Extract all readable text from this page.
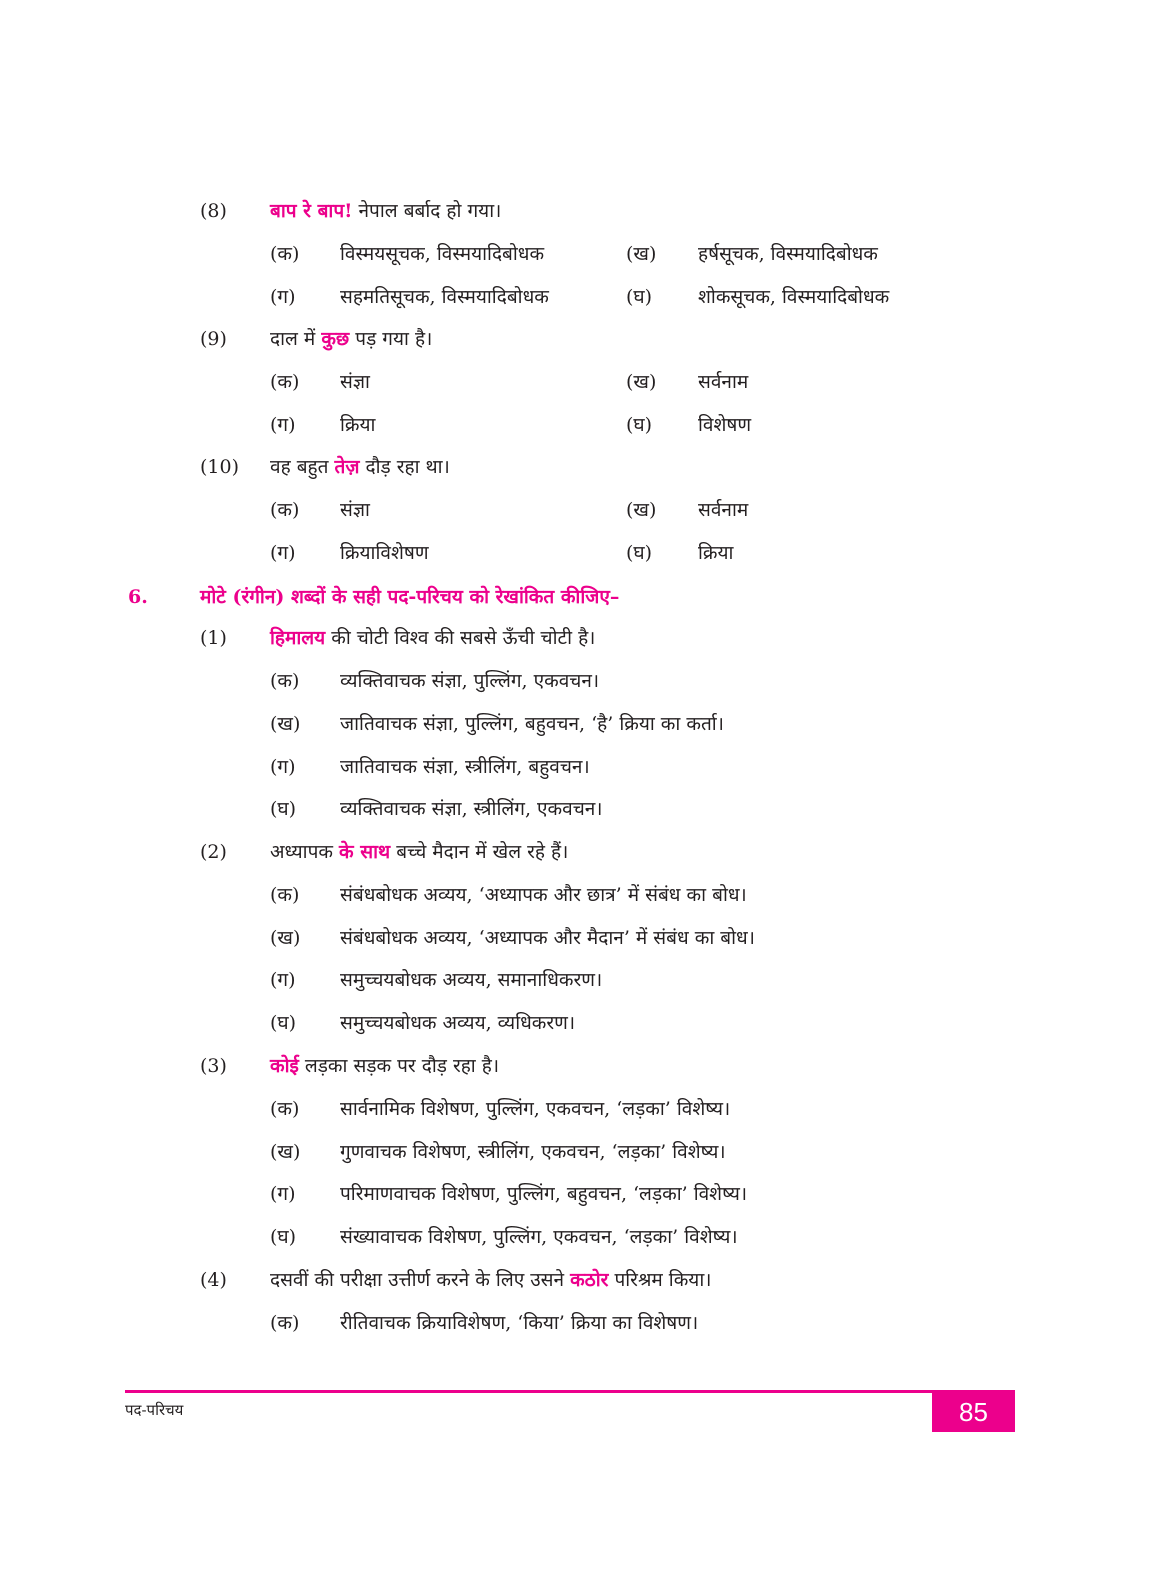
(8) बाप रे बाप! नेपाल बर्बाद हो गया।
(क) विस्मयसूचक, विस्मयादिबोधक	(ख) हर्षसूचक, विस्मयादिबोधक
(ग) सहमतिसूचक, विस्मयादिबोधक	(घ) शोकसूचक, विस्मयादिबोधक
(9) दाल में कुछ पड़ गया है।
(क) संज्ञा	(ख) सर्वनाम
(ग) क्रिया	(घ) विशेषण
(10) वह बहुत तेज़ दौड़ रहा था।
(क) संज्ञा	(ख) सर्वनाम
(ग) क्रियाविशेषण	(घ) क्रिया
6.	मोटे (रंगीन) शब्दों के सही पद-परिचय को रेखांकित कीजिए–
(1) हिमालय की चोटी विश्व की सबसे ऊँची चोटी है।
(क) व्यक्तिवाचक संज्ञा, पुल्लिंग, एकवचन।
(ख) जातिवाचक संज्ञा, पुल्लिंग, बहुवचन, ‘है’ क्रिया का कर्ता।
(ग) जातिवाचक संज्ञा, स्त्रीलिंग, बहुवचन।
(घ) व्यक्तिवाचक संज्ञा, स्त्रीलिंग, एकवचन।
(2) अध्यापक के साथ बच्चे मैदान में खेल रहे हैं।
(क) संबंधबोधक अव्यय, ‘अध्यापक और छात्र’ में संबंध का बोध।
(ख) संबंधबोधक अव्यय, ‘अध्यापक और मैदान’ में संबंध का बोध।
(ग) समुच्चयबोधक अव्यय, समानाधिकरण।
(घ) समुच्चयबोधक अव्यय, व्यधिकरण।
(3) कोई लड़का सड़क पर दौड़ रहा है।
(क) सार्वनामिक विशेषण, पुल्लिंग, एकवचन, ‘लड़का’ विशेष्य।
(ख) गुणवाचक विशेषण, स्त्रीलिंग, एकवचन, ‘लड़का’ विशेष्य।
(ग) परिमाणवाचक विशेषण, पुल्लिंग, बहुवचन, ‘लड़का’ विशेष्य।
(घ) संख्यावाचक विशेषण, पुल्लिंग, एकवचन, ‘लड़का’ विशेष्य।
(4) दसवीं की परीक्षा उत्तीर्ण करने के लिए उसने कठोर परिश्रम किया।
(क) रीतिवाचक क्रियाविशेषण, ‘किया’ क्रिया का विशेषण।
पद-परिचय	85
